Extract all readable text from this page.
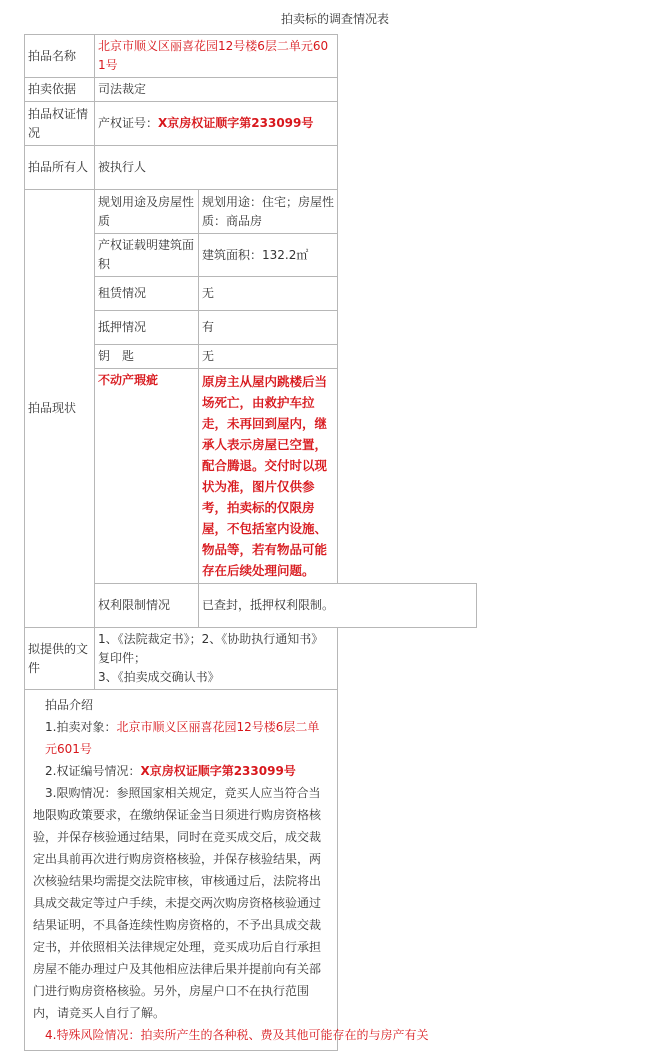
拍卖标的调查情况表
拍品名称	北京市顺义区丽喜花园12号楼6层二单元601号	
拍卖依据	司法裁定	
拍品权证情况	产权证号：X京房权证顺字第233099号	
拍品所有人	被执行人	
拍品现状	规划用途及房屋性质	规划用途：住宅；房屋性质：商品房
	产权证载明建筑面积	建筑面积：132.2㎡
	租赁情况	无
	抵押情况	有
	钥　匙	无
	不动产瑕疵	原房主从屋内跳楼后当场死亡，由救护车拉走，未再回到屋内，继承人表示房屋已空置，配合腾退。交付时以现状为准，图片仅供参考，拍卖标的仅限房屋，不包括室内设施、物品等，若有物品可能存在后续处理问题。
	权利限制情况	已查封，抵押权利限制。
拟提供的文件	1、《法院裁定书》；2、《协助执行通知书》复印件；
3、《拍卖成交确认书》	

拍品介绍

1.拍卖对象：北京市顺义区丽喜花园12号楼6层二单元601号

2.权证编号情况：X京房权证顺字第233099号

3.限购情况：参照国家相关规定，竞买人应当符合当地限购政策要求，在缴纳保证金当日须进行购房资格核验，并保存核验通过结果，同时在竞买成交后，成交裁定出具前再次进行购房资格核验，并保存核验结果，两次核验结果均需提交法院审核，审核通过后，法院将出具成交裁定等过户手续，未提交两次购房资格核验通过结果证明，不具备连续性购房资格的，不予出具成交裁定书，并依照相关法律规定处理，竞买成功后自行承担房屋不能办理过户及其他相应法律后果并提前向有关部门进行购房资格核验。另外，房屋户口不在执行范围内，请竞买人自行了解。

4.特殊风险情况：拍卖所产生的各种税、费及其他可能存在的与房产有关		
